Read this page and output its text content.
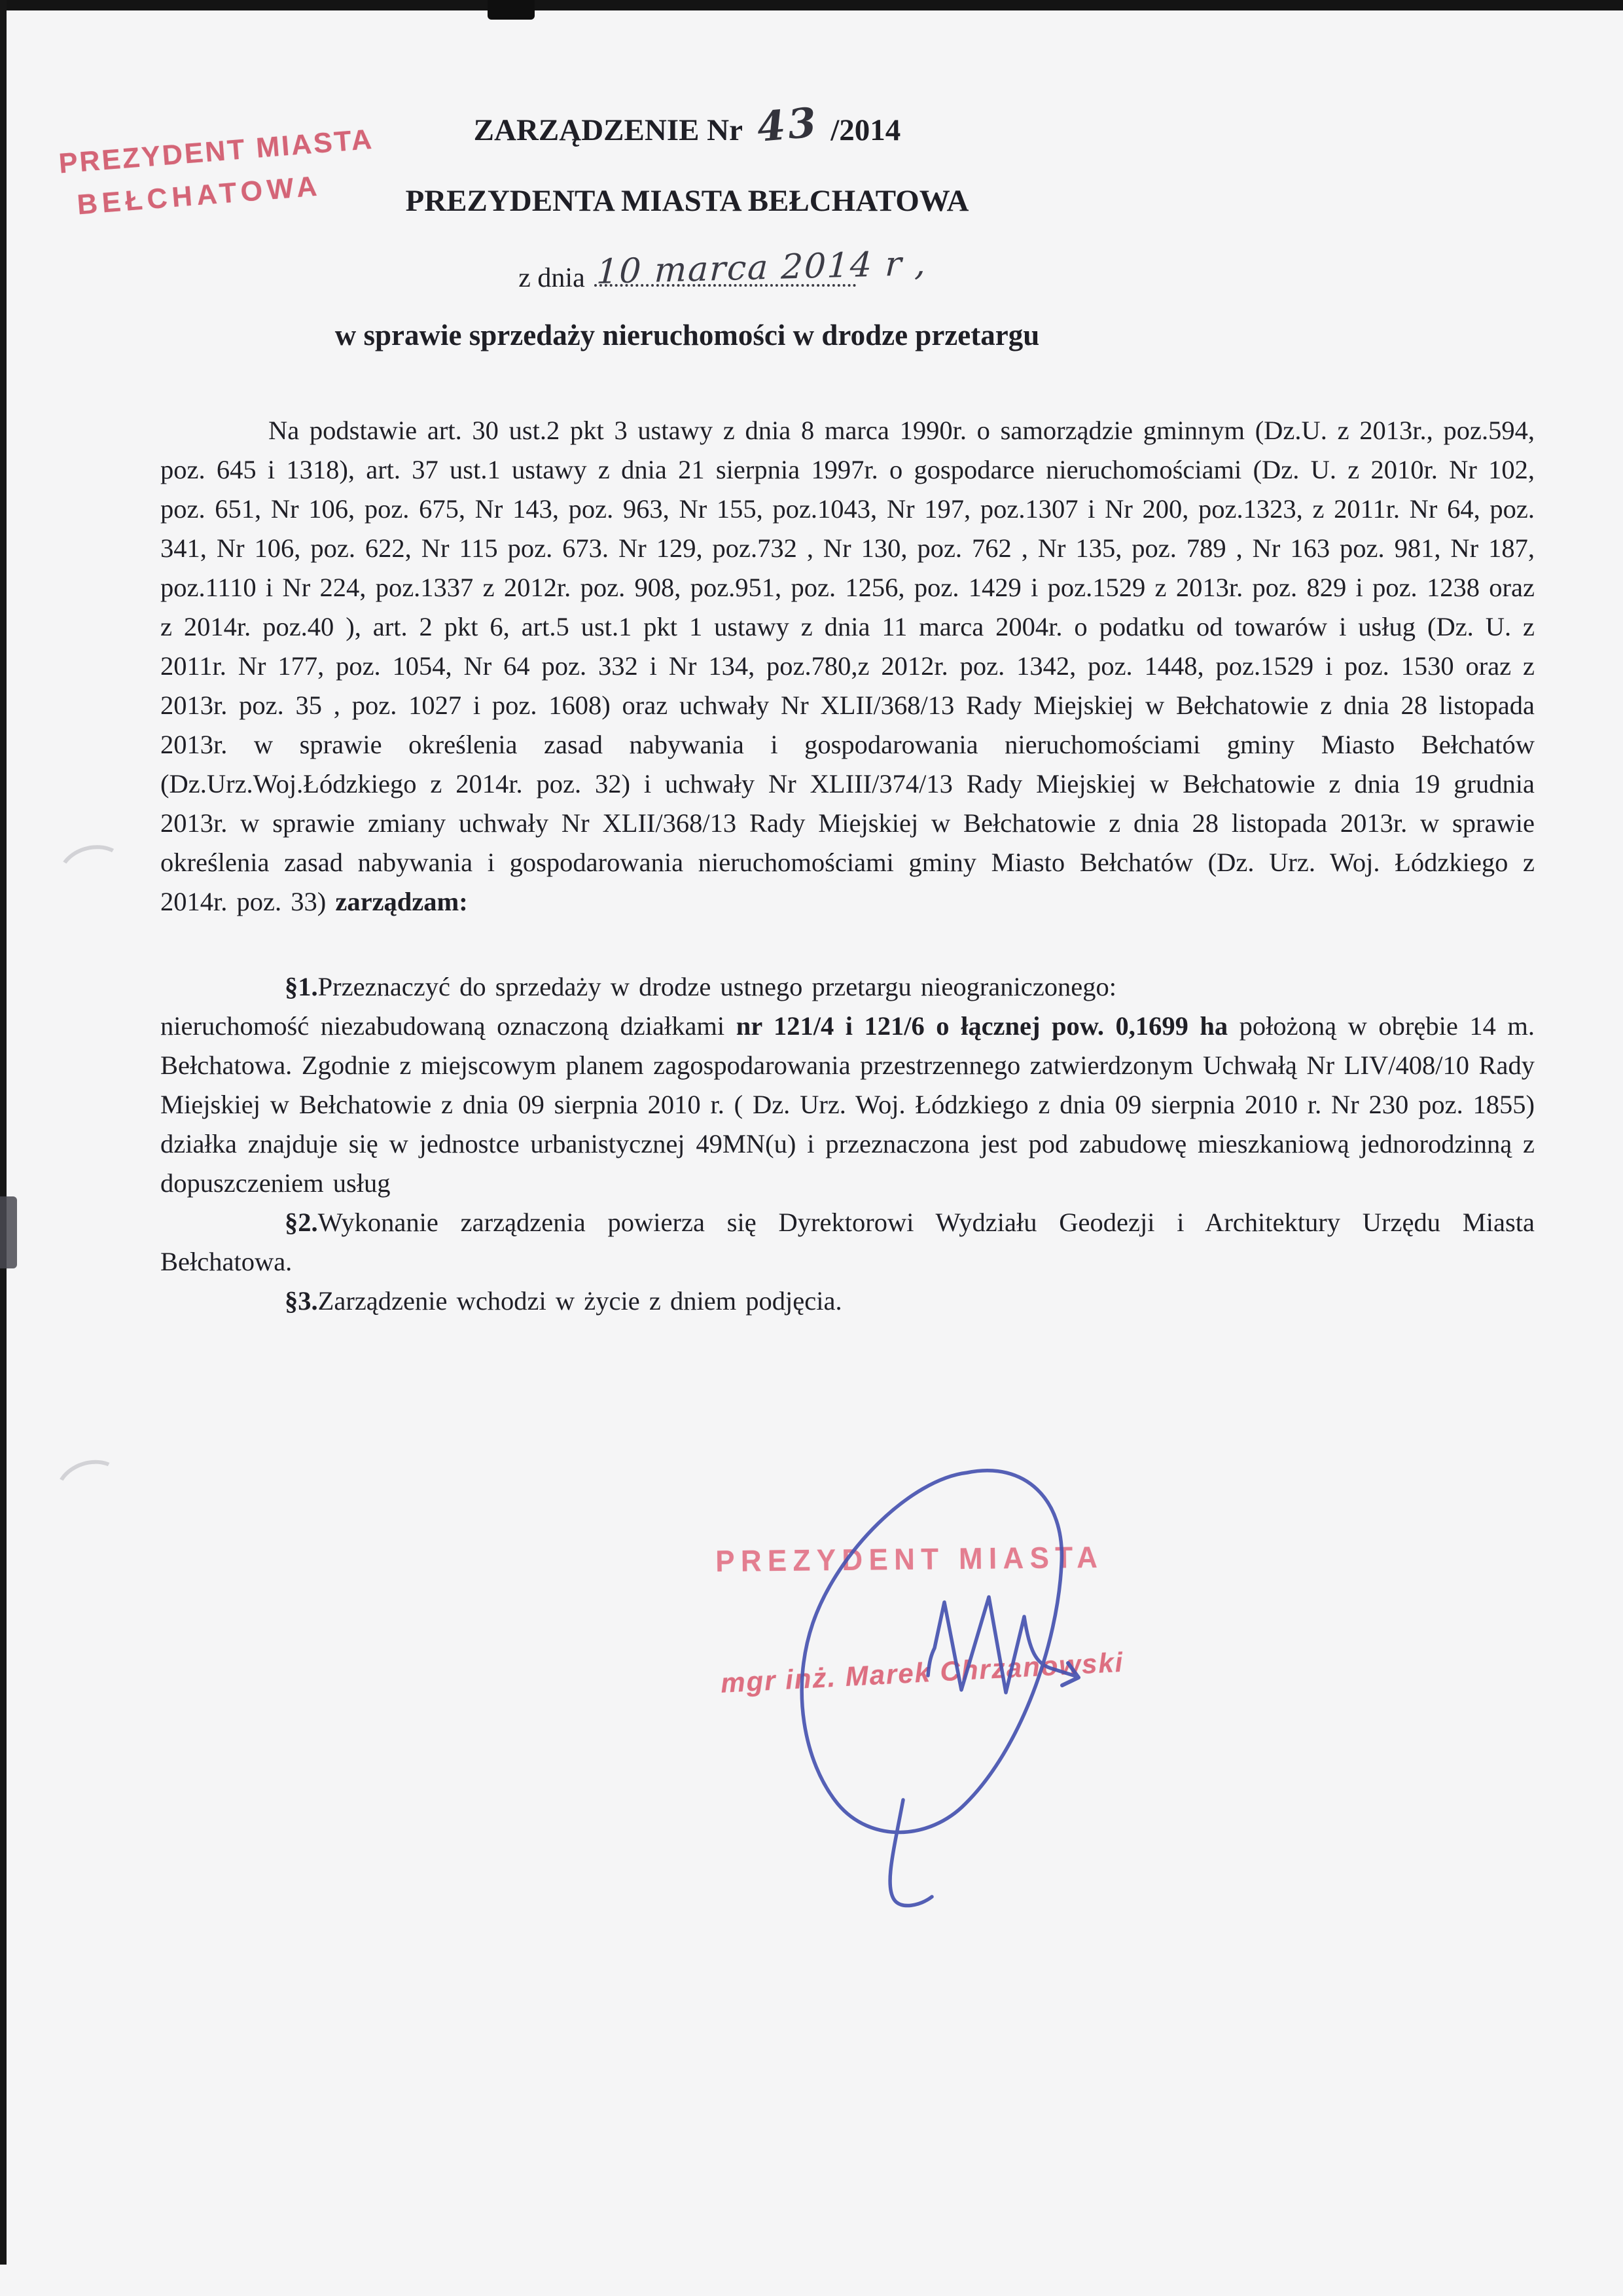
PREZYDENT MIASTA
BEŁCHATOWA
ZARZĄDZENIE Nr 43 /2014
PREZYDENTA MIASTA BEŁCHATOWA
z dnia 10 marca 2014 r ,
w sprawie sprzedaży nieruchomości w drodze przetargu

Na podstawie art. 30 ust.2 pkt 3 ustawy z dnia 8 marca 1990r. o samorządzie gminnym (Dz.U. z 2013r., poz.594, poz. 645 i 1318), art. 37 ust.1 ustawy z dnia 21 sierpnia 1997r. o gospodarce nieruchomościami (Dz. U. z 2010r. Nr 102, poz. 651, Nr 106, poz. 675, Nr 143, poz. 963, Nr 155, poz.1043, Nr 197, poz.1307 i Nr 200, poz.1323, z 2011r. Nr 64, poz. 341, Nr 106, poz. 622, Nr 115 poz. 673. Nr 129, poz.732 , Nr 130, poz. 762 , Nr 135, poz. 789 , Nr 163 poz. 981, Nr 187, poz.1110 i Nr 224, poz.1337 z 2012r. poz. 908, poz.951, poz. 1256, poz. 1429 i poz.1529 z 2013r. poz. 829 i poz. 1238 oraz z 2014r. poz.40 ), art. 2 pkt 6, art.5 ust.1 pkt 1 ustawy z dnia 11 marca 2004r. o podatku od towarów i usług (Dz. U. z 2011r. Nr 177, poz. 1054, Nr 64 poz. 332 i Nr 134, poz.780,z 2012r. poz. 1342, poz. 1448, poz.1529 i poz. 1530 oraz z 2013r. poz. 35 , poz. 1027 i poz. 1608) oraz uchwały Nr XLII/368/13 Rady Miejskiej w Bełchatowie z dnia 28 listopada 2013r. w sprawie określenia zasad nabywania i gospodarowania nieruchomościami gminy Miasto Bełchatów (Dz.Urz.Woj.Łódzkiego z 2014r. poz. 32) i uchwały Nr XLIII/374/13 Rady Miejskiej w Bełchatowie z dnia 19 grudnia 2013r. w sprawie zmiany uchwały Nr XLII/368/13 Rady Miejskiej w Bełchatowie z dnia 28 listopada 2013r. w sprawie określenia zasad nabywania i gospodarowania nieruchomościami gminy Miasto Bełchatów (Dz. Urz. Woj. Łódzkiego z 2014r. poz. 33) zarządzam:

§1.Przeznaczyć do sprzedaży w drodze ustnego przetargu nieograniczonego:
nieruchomość niezabudowaną oznaczoną działkami nr 121/4 i 121/6 o łącznej pow. 0,1699 ha położoną w obrębie 14 m. Bełchatowa. Zgodnie z miejscowym planem zagospodarowania przestrzennego zatwierdzonym Uchwałą Nr LIV/408/10 Rady Miejskiej w Bełchatowie z dnia 09 sierpnia 2010 r. ( Dz. Urz. Woj. Łódzkiego z dnia 09 sierpnia 2010 r. Nr 230 poz. 1855) działka znajduje się w jednostce urbanistycznej 49MN(u) i przeznaczona jest pod zabudowę mieszkaniową jednorodzinną z dopuszczeniem usług

§2.Wykonanie zarządzenia powierza się Dyrektorowi Wydziału Geodezji i Architektury Urzędu Miasta Bełchatowa.

§3.Zarządzenie wchodzi w życie z dniem podjęcia.

PREZYDENT MIASTA
mgr inż. Marek Chrzanowski
